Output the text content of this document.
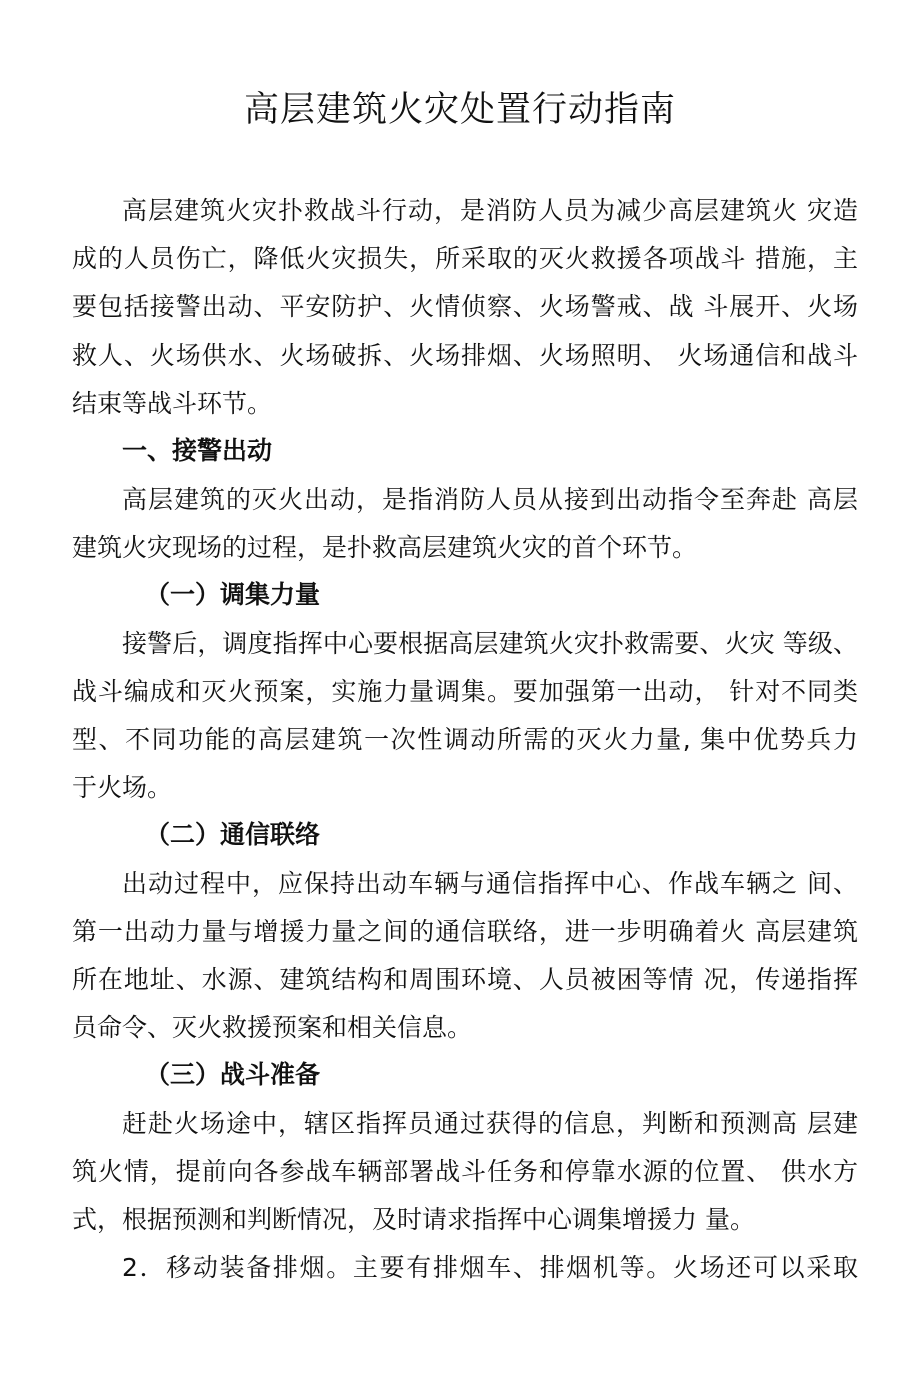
高层建筑火灾处置行动指南
高层建筑火灾扑救战斗行动，是消防人员为减少高层建筑火 灾造
成的人员伤亡，降低火灾损失，所采取的灭火救援各项战斗 措施，主
要包括接警出动、平安防护、火情侦察、火场警戒、战 斗展开、火场
救人、火场供水、火场破拆、火场排烟、火场照明、 火场通信和战斗
结束等战斗环节。
一、接警出动
高层建筑的灭火出动，是指消防人员从接到出动指令至奔赴 高层
建筑火灾现场的过程，是扑救高层建筑火灾的首个环节。
（一）调集力量
接警后，调度指挥中心要根据高层建筑火灾扑救需要、火灾 等级、
战斗编成和灭火预案，实施力量调集。要加强第一出动， 针对不同类
型、不同功能的高层建筑一次性调动所需的灭火力量, 集中优势兵力
于火场。
（二）通信联络
出动过程中，应保持出动车辆与通信指挥中心、作战车辆之 间、
第一出动力量与增援力量之间的通信联络，进一步明确着火 高层建筑
所在地址、水源、建筑结构和周围环境、人员被困等情 况，传递指挥
员命令、灭火救援预案和相关信息。
（三）战斗准备
赶赴火场途中，辖区指挥员通过获得的信息，判断和预测高 层建
筑火情，提前向各参战车辆部署战斗任务和停靠水源的位置、 供水方
式，根据预测和判断情况，及时请求指挥中心调集增援力 量。
2．移动装备排烟。主要有排烟车、排烟机等。火场还可以采取
